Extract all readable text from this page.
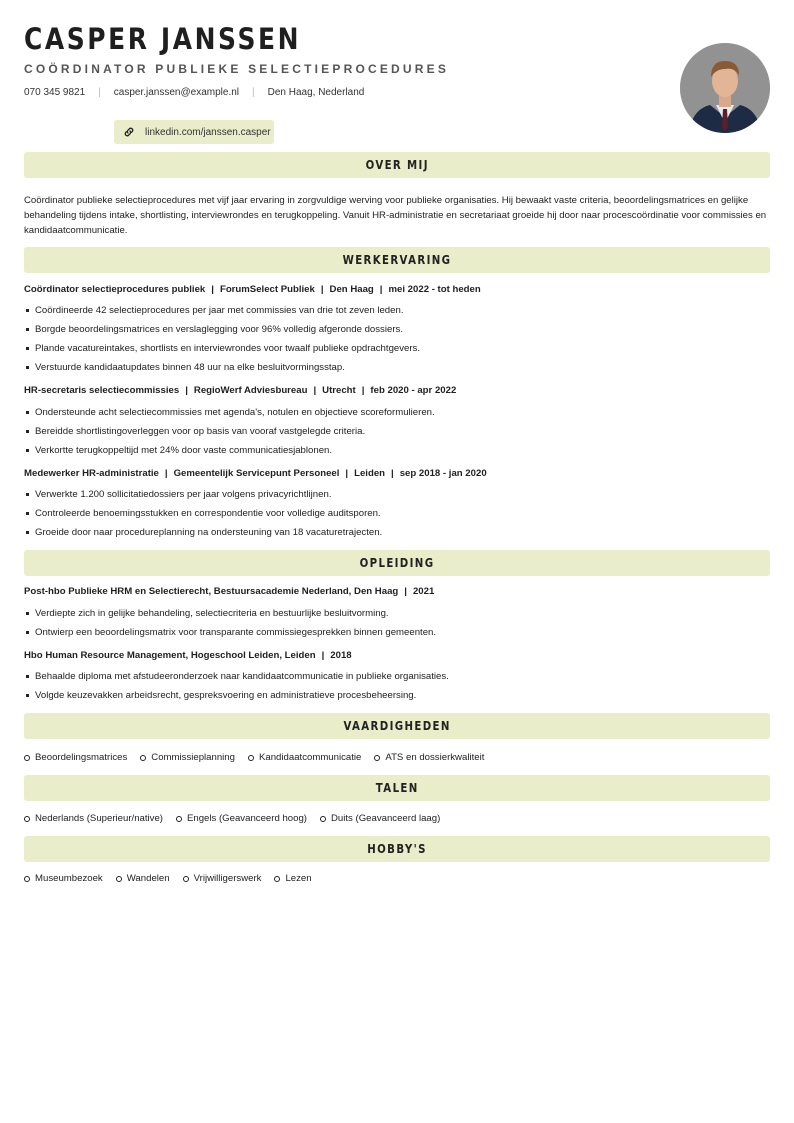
CASPER JANSSEN
COÖRDINATOR PUBLIEKE SELECTIEPROCEDURES
070 345 9821 | casper.janssen@example.nl | Den Haag, Nederland
linkedin.com/janssen.casper
OVER MIJ
Coördinator publieke selectieprocedures met vijf jaar ervaring in zorgvuldige werving voor publieke organisaties. Hij bewaakt vaste criteria, beoordelingsmatrices en gelijke behandeling tijdens intake, shortlisting, interviewrondes en terugkoppeling. Vanuit HR-administratie en secretariaat groeide hij door naar procescoördinatie voor commissies en kandidaatcommunicatie.
WERKERVARING
Coördinator selectieprocedures publiek | ForumSelect Publiek | Den Haag | mei 2022 - tot heden
Coördineerde 42 selectieprocedures per jaar met commissies van drie tot zeven leden.
Borgde beoordelingsmatrices en verslaglegging voor 96% volledig afgeronde dossiers.
Plande vacatureintakes, shortlists en interviewrondes voor twaalf publieke opdrachtgevers.
Verstuurde kandidaatupdates binnen 48 uur na elke besluitvormingsstap.
HR-secretaris selectiecommissies | RegioWerf Adviesbureau | Utrecht | feb 2020 - apr 2022
Ondersteunde acht selectiecommissies met agenda's, notulen en objectieve scoreformulieren.
Bereidde shortlistingoverleggen voor op basis van vooraf vastgelegde criteria.
Verkortte terugkoppeltijd met 24% door vaste communicatiesjablonen.
Medewerker HR-administratie | Gemeentelijk Servicepunt Personeel | Leiden | sep 2018 - jan 2020
Verwerkte 1.200 sollicitatiedossiers per jaar volgens privacyrichtlijnen.
Controleerde benoemingsstukken en correspondentie voor volledige auditsporen.
Groeide door naar procedureplanning na ondersteuning van 18 vacaturetrajecten.
OPLEIDING
Post-hbo Publieke HRM en Selectierecht, Bestuursacademie Nederland, Den Haag | 2021
Verdiepte zich in gelijke behandeling, selectiecriteria en bestuurlijke besluitvorming.
Ontwierp een beoordelingsmatrix voor transparante commissiegesprekken binnen gemeenten.
Hbo Human Resource Management, Hogeschool Leiden, Leiden | 2018
Behaalde diploma met afstudeeronderzoek naar kandidaatcommunicatie in publieke organisaties.
Volgde keuzevakken arbeidsrecht, gespreksvoering en administratieve procesbeheersing.
VAARDIGHEDEN
Beoordelingsmatrices	Commissieplanning	Kandidaatcommunicatie	ATS en dossierkwaliteit
TALEN
Nederlands (Superieur/native)	Engels (Geavanceerd hoog)	Duits (Geavanceerd laag)
HOBBY'S
Museumbezoek	Wandelen	Vrijwilligerswerk	Lezen
